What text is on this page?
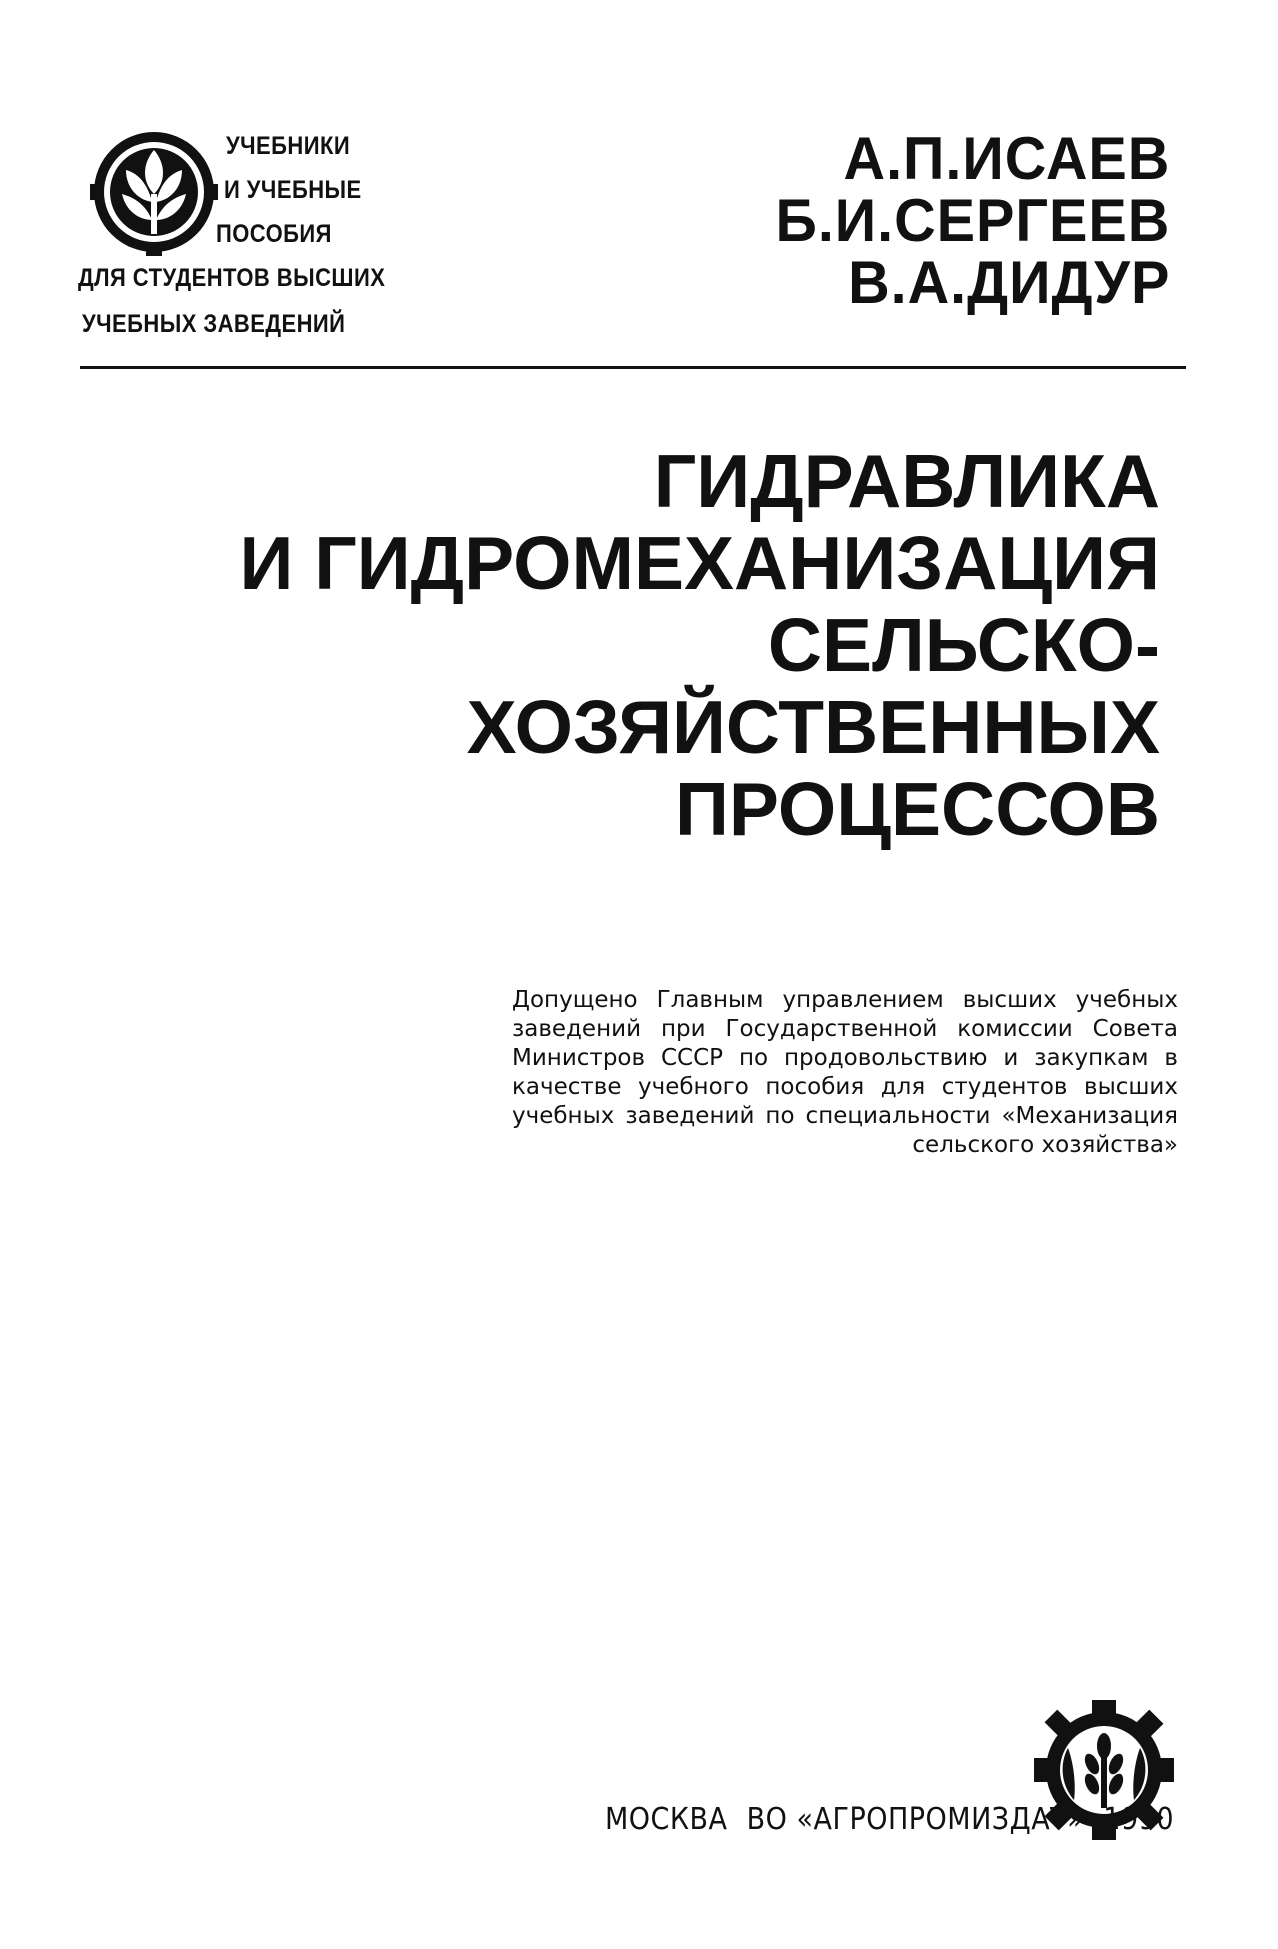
УЧЕБНИКИ
И УЧЕБНЫЕ
ПОСОБИЯ
ДЛЯ СТУДЕНТОВ ВЫСШИХ
УЧЕБНЫХ ЗАВЕДЕНИЙ
А.П.ИСАЕВ
Б.И.СЕРГЕЕВ
В.А.ДИДУР
ГИДРАВЛИКА
И ГИДРОМЕХАНИЗАЦИЯ
СЕЛЬСКО-
ХОЗЯЙСТВЕННЫХ
ПРОЦЕССОВ
Допущено Главным управлением высших учебных заведений при Государственной комиссии Совета Министров СССР по продовольствию и закупкам в качестве учебного пособия для студентов высших учебных заведений по специальности «Механизация сельского хозяйства»
МОСКВА ВО «АГРОПРОМИЗДАТ» 1990
